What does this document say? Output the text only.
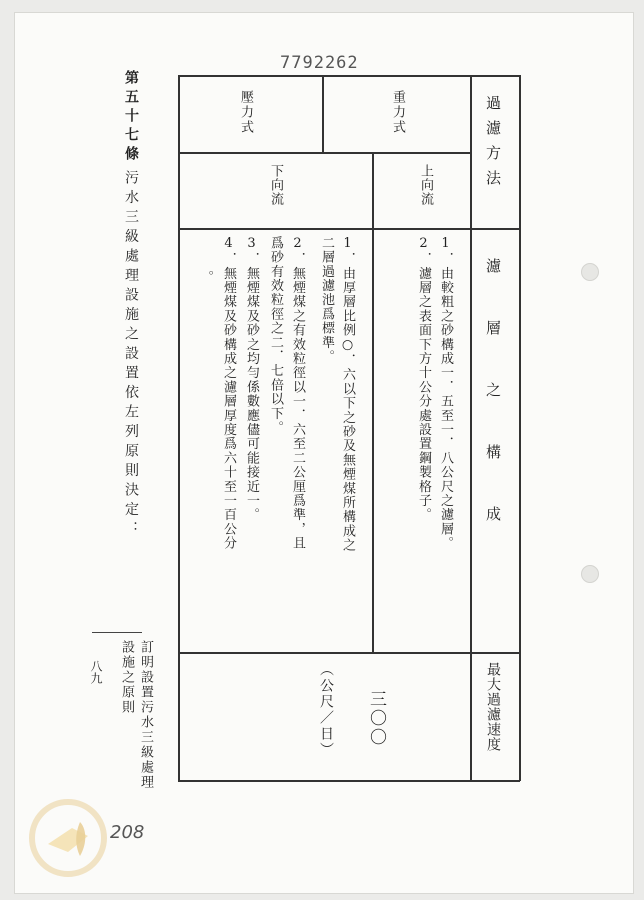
7792262
過濾方法
濾層之構成
最大過濾速度
重力式
壓力式
上向流
下向流
1．由較粗之砂構成一．五至一．八公尺之濾層。
2．濾層之表面下方十公分處設置鋼製格子。
1．由厚層比例○．六以下之砂及無煙煤所構成之
二層過濾池爲標準。
2．無煙煤之有效粒徑以一．六至二公厘爲準，且
爲砂有效粒徑之二．七倍以下。
3．無煙煤及砂之均勻係數應儘可能接近一。
4．無煙煤及砂構成之濾層厚度爲六十至一百公分
。
三〇〇
（公尺／日）
第五十七條
污水三級處理設施之設置依左列原則決定：
訂明設置污水三級處理設施之原則
八九
208
